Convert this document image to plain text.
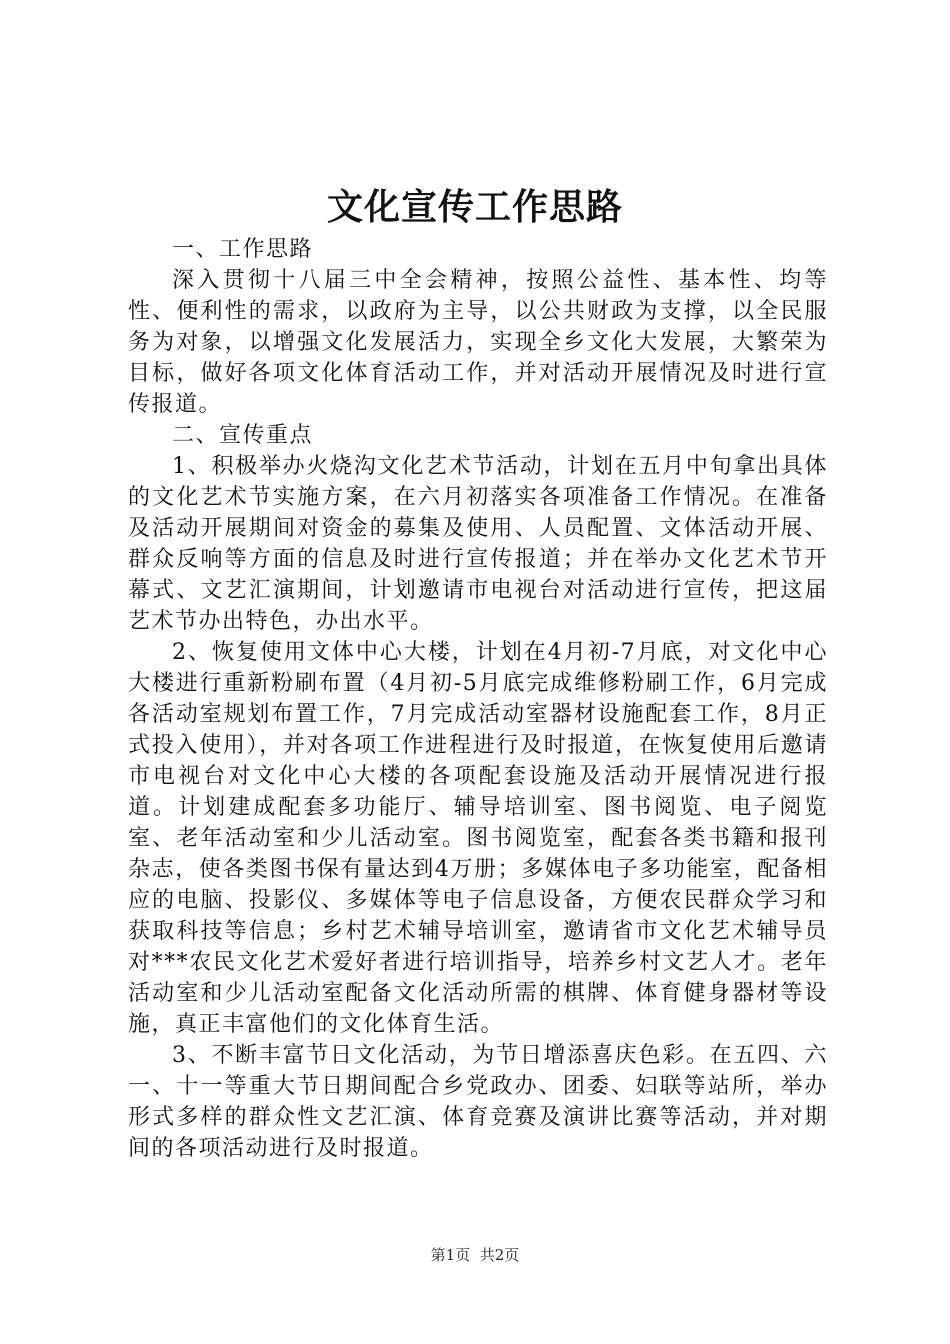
文化宣传工作思路

一、工作思路

深入贯彻十八届三中全会精神，按照公益性、基本性、均等性、便利性的需求，以政府为主导，以公共财政为支撑，以全民服务为对象，以增强文化发展活力，实现全乡文化大发展，大繁荣为目标，做好各项文化体育活动工作，并对活动开展情况及时进行宣传报道。

二、宣传重点

1、积极举办火烧沟文化艺术节活动，计划在五月中旬拿出具体的文化艺术节实施方案，在六月初落实各项准备工作情况。在准备及活动开展期间对资金的募集及使用、人员配置、文体活动开展、群众反响等方面的信息及时进行宣传报道；并在举办文化艺术节开幕式、文艺汇演期间，计划邀请市电视台对活动进行宣传，把这届艺术节办出特色，办出水平。

2、恢复使用文体中心大楼，计划在4月初-7月底，对文化中心大楼进行重新粉刷布置（4月初-5月底完成维修粉刷工作，6月完成各活动室规划布置工作，7月完成活动室器材设施配套工作，8月正式投入使用），并对各项工作进程进行及时报道，在恢复使用后邀请市电视台对文化中心大楼的各项配套设施及活动开展情况进行报道。计划建成配套多功能厅、辅导培训室、图书阅览、电子阅览室、老年活动室和少儿活动室。图书阅览室，配套各类书籍和报刊杂志，使各类图书保有量达到4万册；多媒体电子多功能室，配备相应的电脑、投影仪、多媒体等电子信息设备，方便农民群众学习和获取科技等信息；乡村艺术辅导培训室，邀请省市文化艺术辅导员对***农民文化艺术爱好者进行培训指导，培养乡村文艺人才。老年活动室和少儿活动室配备文化活动所需的棋牌、体育健身器材等设施，真正丰富他们的文化体育生活。

3、不断丰富节日文化活动，为节日增添喜庆色彩。在五四、六一、十一等重大节日期间配合乡党政办、团委、妇联等站所，举办形式多样的群众性文艺汇演、体育竞赛及演讲比赛等活动，并对期间的各项活动进行及时报道。

第1页 共2页
